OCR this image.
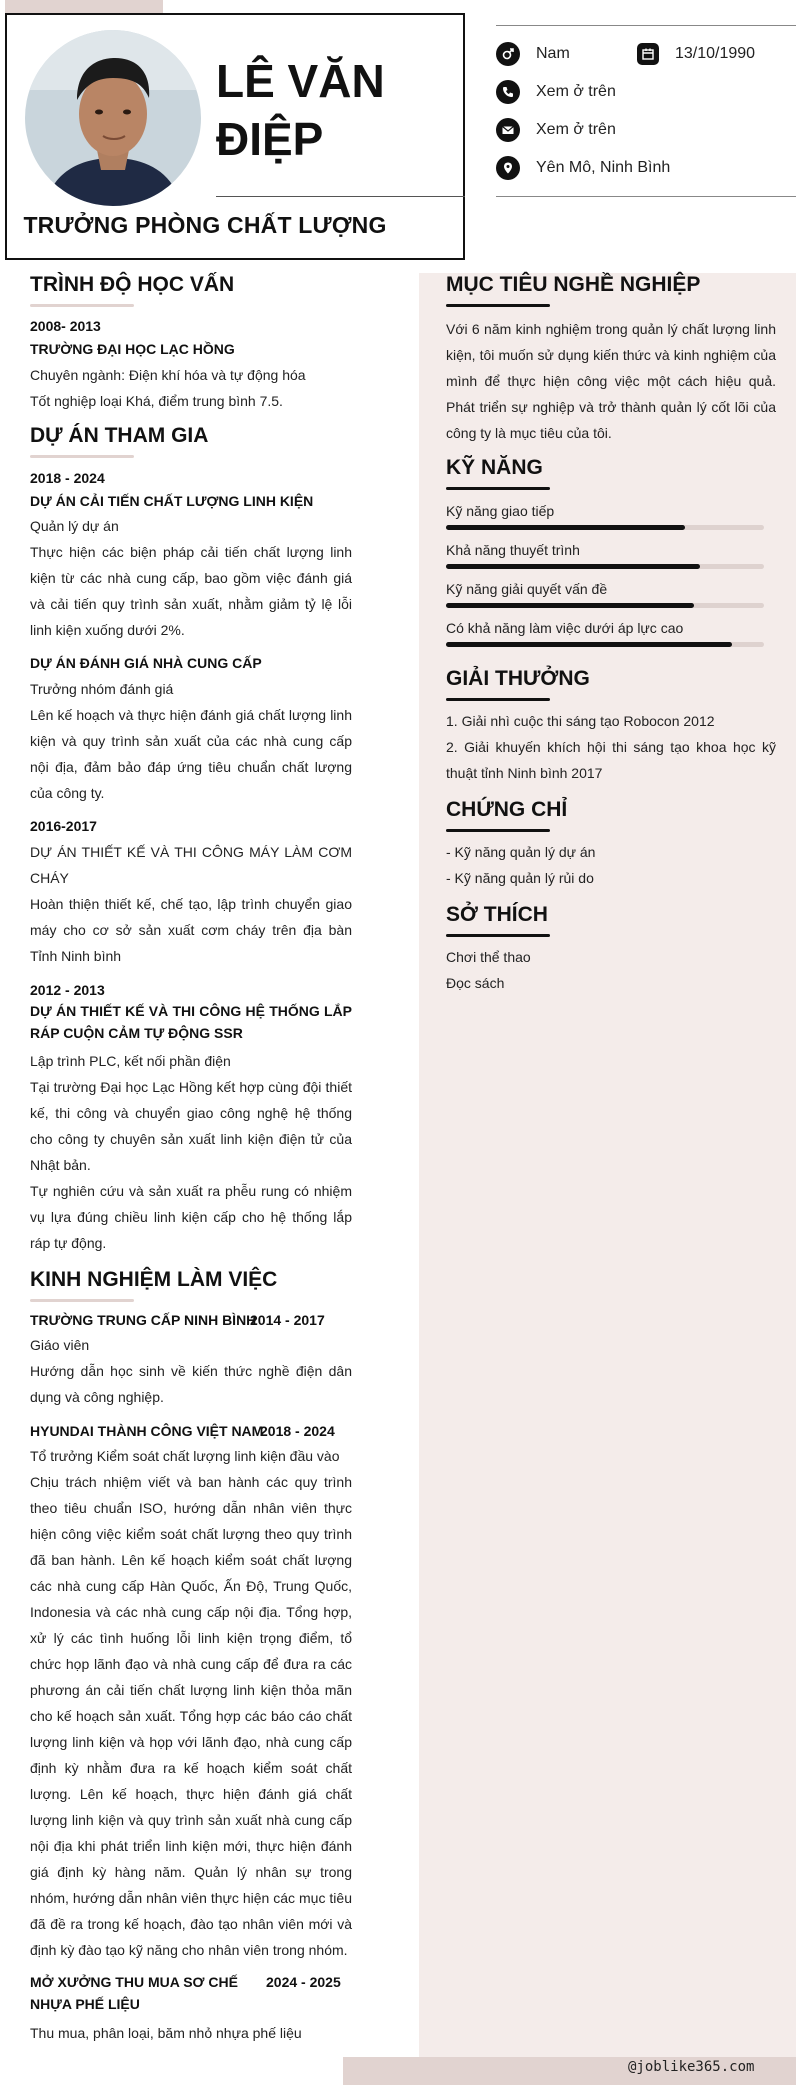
LÊ VĂN ĐIỆP
TRƯỞNG PHÒNG CHẤT LƯỢNG
Nam	13/10/1990
Xem ở trên
Xem ở trên
Yên Mô, Ninh Bình
TRÌNH ĐỘ HỌC VẤN
2008- 2013
TRƯỜNG ĐẠI HỌC LẠC HỒNG
Chuyên ngành: Điện khí hóa và tự động hóa
Tốt nghiệp loại Khá, điểm trung bình 7.5.
DỰ ÁN THAM GIA
2018 - 2024
DỰ ÁN CẢI TIẾN CHẤT LƯỢNG LINH KIỆN
Quản lý dự án
Thực hiện các biện pháp cải tiến chất lượng linh kiện từ các nhà cung cấp, bao gồm việc đánh giá và cải tiến quy trình sản xuất, nhằm giảm tỷ lệ lỗi linh kiện xuống dưới 2%.
DỰ ÁN ĐÁNH GIÁ NHÀ CUNG CẤP
Trưởng nhóm đánh giá
Lên kế hoạch và thực hiện đánh giá chất lượng linh kiện và quy trình sản xuất của các nhà cung cấp nội địa, đảm bảo đáp ứng tiêu chuẩn chất lượng của công ty.
2016-2017
DỰ ÁN THIẾT KẾ VÀ THI CÔNG MÁY LÀM CƠM CHÁY
Hoàn thiện thiết kế, chế tạo, lập trình chuyển giao máy cho cơ sở sản xuất cơm cháy trên địa bàn Tỉnh Ninh bình
2012 - 2013
DỰ ÁN THIẾT KẾ VÀ THI CÔNG HỆ THỐNG LẮP RÁP CUỘN CẢM TỰ ĐỘNG SSR
Lập trình PLC, kết nối phần điện
Tại trường Đại học Lạc Hồng kết hợp cùng đội thiết kế, thi công và chuyển giao công nghệ hệ thống cho công ty chuyên sản xuất linh kiện điện tử của Nhật bản.
Tự nghiên cứu và sản xuất ra phễu rung có nhiệm vụ lựa đúng chiều linh kiện cấp cho hệ thống lắp ráp tự động.
KINH NGHIỆM LÀM VIỆC
TRƯỜNG TRUNG CẤP NINH BÌNH
2014 - 2017
Giáo viên
Hướng dẫn học sinh về kiến thức nghề điện dân dụng và công nghiệp.
HYUNDAI THÀNH CÔNG VIỆT NAM
2018 - 2024
Tổ trưởng Kiểm soát chất lượng linh kiện đầu vào
Chịu trách nhiệm viết và ban hành các quy trình theo tiêu chuẩn ISO, hướng dẫn nhân viên thực hiện công việc kiểm soát chất lượng theo quy trình đã ban hành. Lên kế hoạch kiểm soát chất lượng các nhà cung cấp Hàn Quốc, Ấn Độ, Trung Quốc, Indonesia và các nhà cung cấp nội địa. Tổng hợp, xử lý các tình huống lỗi linh kiện trọng điểm, tổ chức họp lãnh đạo và nhà cung cấp để đưa ra các phương án cải tiến chất lượng linh kiện thỏa mãn cho kế hoạch sản xuất. Tổng hợp các báo cáo chất lượng linh kiện và họp với lãnh đạo, nhà cung cấp định kỳ nhằm đưa ra kế hoạch kiểm soát chất lượng. Lên kế hoạch, thực hiện đánh giá chất lượng linh kiện và quy trình sản xuất nhà cung cấp nội địa khi phát triển linh kiện mới, thực hiện đánh giá định kỳ hàng năm. Quản lý nhân sự trong nhóm, hướng dẫn nhân viên thực hiện các mục tiêu đã đề ra trong kế hoạch, đào tạo nhân viên mới và định kỳ đào tạo kỹ năng cho nhân viên trong nhóm.
MỞ XƯỞNG THU MUA SƠ CHẾ NHỰA PHẾ LIỆU
2024 - 2025
Thu mua, phân loại, băm nhỏ nhựa phế liệu
MỤC TIÊU NGHỀ NGHIỆP
Với 6 năm kinh nghiệm trong quản lý chất lượng linh kiện, tôi muốn sử dụng kiến thức và kinh nghiệm của mình để thực hiện công việc một cách hiệu quả. Phát triển sự nghiệp và trở thành quản lý cốt lõi của công ty là mục tiêu của tôi.
KỸ NĂNG
Kỹ năng giao tiếp
Khả năng thuyết trình
Kỹ năng giải quyết vấn đề
Có khả năng làm việc dưới áp lực cao
GIẢI THƯỞNG
1. Giải nhì cuộc thi sáng tạo Robocon 2012
2. Giải khuyến khích hội thi sáng tạo khoa học kỹ thuật tỉnh Ninh bình 2017
CHỨNG CHỈ
- Kỹ năng quản lý dự án
- Kỹ năng quản lý rủi do
SỞ THÍCH
Chơi thể thao
Đọc sách
@joblike365.com
